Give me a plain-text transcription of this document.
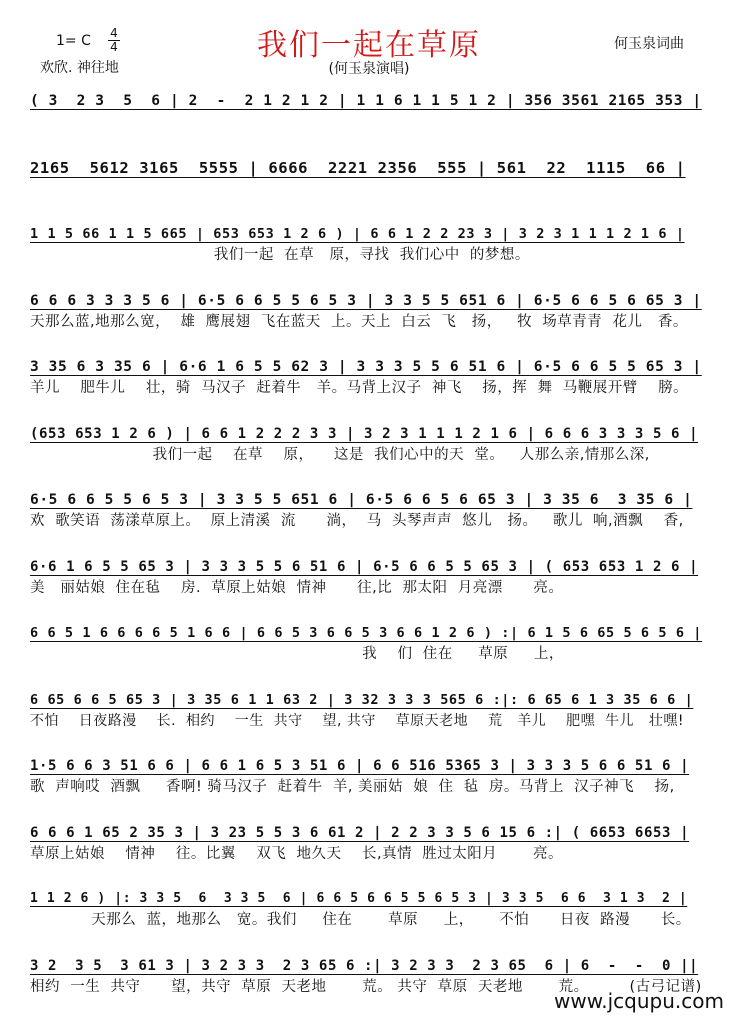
我们一起在草原
1= C 4
4
欢欣. 神往地	(何玉泉演唱)
何玉泉词曲
( 3  2 3  5  6 | 2  -  2 1 2 1 2 | 1 1 6 1 1 5 1 2 | 356 3561 2165 353 |
2165  5612 3165  5555 | 6666  2221 2356  555 | 561  22  1115  66 |
1 1 5 66 1 1 5 665 | 653 653 1 2 6 ) | 6 6 1 2 2 23 3 | 3 2 3 1 1 1 2 1 6 |
我们一起  在草   原，寻找  我们心中  的梦想。
6 6 6 3 3 3 5 6 | 6·5 6 6 5 5 6 5 3 | 3 3 5 5 651 6 | 6·5 6 6 5 6 65 3 |
天那么蓝,地那么宽，  雄  鹰展翅  飞在蓝天  上。天上  白云  飞   扬，   牧  场草青青  花儿   香。
3 35 6 3 35 6 | 6·6 1 6 5 5 62 3 | 3 3 3 5 5 6 51 6 | 6·5 6 6 5 5 65 3 |
羊儿    肥牛儿    壮，骑  马汉子  赶着牛   羊。马背上汉子  神飞    扬，挥  舞  马鞭展开臂    膀。
(653 653 1 2 6 ) | 6 6 1 2 2 2 3 3 | 3 2 3 1 1 1 2 1 6 | 6 6 6 3 3 3 5 6 |
我们一起    在草    原，    这是  我们心中的天  堂。   人那么亲,情那么深,
6·5 6 6 5 5 6 5 3 | 3 3 5 5 651 6 | 6·5 6 6 5 6 65 3 | 3 35 6  3 35 6 |
欢  歌笑语  荡漾草原上。  原上清溪  流      淌，  马  头琴声声  悠儿   扬。   歌儿  响,酒飘    香,
6·6 1 6 5 5 65 3 | 3 3 3 5 5 6 51 6 | 6·5 6 6 5 5 65 3 | ( 653 653 1 2 6 |
美   丽姑娘  住在毡    房.  草原上姑娘  情神      往,比  那太阳  月亮漂      亮。
6 6 5 1 6 6 6 6 5 1 6 6 | 6 6 5 3 6 6 5 3 6 6 1 2 6 ) :| 6 1 5 6 65 5 6 5 6 |
我    们  住在     草原     上，
6 65 6 6 5 65 3 | 3 35 6 1 1 63 2 | 3 32 3 3 3 565 6 :|: 6 65 6 1 3 35 6 6 |
不怕    日夜路漫    长.  相约    一生  共守    望, 共守    草原天老地    荒   羊儿    肥嘿  牛儿   壮嘿!
1·5 6 6 3 51 6 6 | 6 6 1 6 5 3 51 6 | 6 6 516 5365 3 | 3 3 3 5 6 6 51 6 |
歌  声响哎  酒飘     香啊! 骑马汉子  赶着牛  羊, 美丽姑  娘  住  毡  房。马背上  汉子神飞    扬,
6 6 6 1 65 2 35 3 | 3 23 5 5 3 6 61 2 | 2 2 3 3 5 6 15 6 :| ( 6653 6653 |
草原上姑娘    情神    往。比翼    双飞  地久天    长,真情  胜过太阳月       亮。
1 1 2 6 ) |: 3 3 5  6  3 3 5  6 | 6 6 5 6 6 5 5 6 5 3 | 3 3 5  6 6  3 1 3  2 |
天那么  蓝，地那么   宽。我们     住在       草原     上，     不怕      日夜  路漫      长。
3 2  3 5  3 61 3 | 3 2 3 3  2 3 65 6 :| 3 2 3 3  2 3 65  6 | 6  -  -  0 ||
相约  一生  共守      望，共守  草原  天老地       荒。 共守  草原  天老地       荒。        (古弓记谱)
www.jcqupu.com
